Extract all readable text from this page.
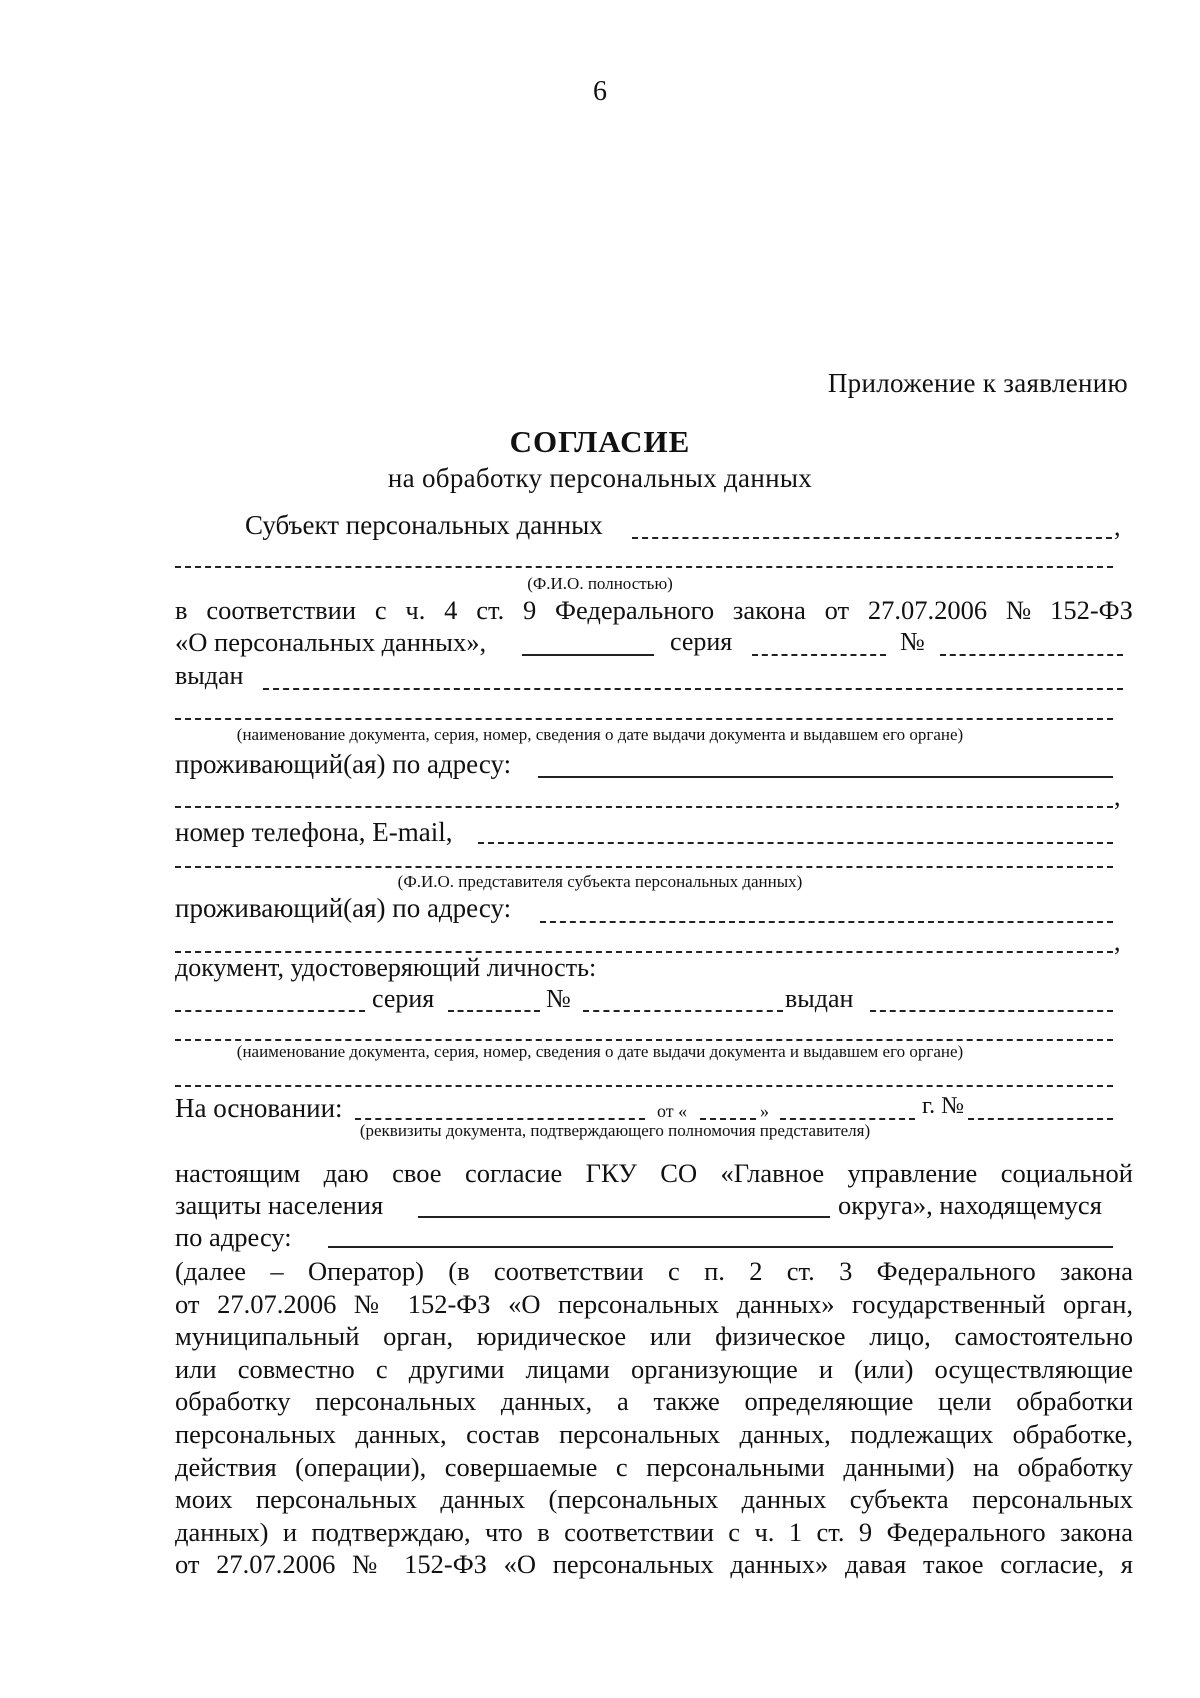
6
Приложение к заявлению
СОГЛАСИЕ
на обработку персональных данных
Субъект персональных данных	,
(Ф.И.О. полностью)
в соответствии с ч. 4 ст. 9 Федерального закона от 27.07.2006 № 152-ФЗ
«О персональных данных»,	серия	№
выдан
(наименование документа, серия, номер, сведения о дате выдачи документа и выдавшем его органе)
проживающий(ая) по адресу:
,
номер телефона, E-mail,
(Ф.И.О. представителя субъекта персональных данных)
проживающий(ая) по адресу:
,
документ, удостоверяющий личность:
серия	№	выдан
(наименование документа, серия, номер, сведения о дате выдачи документа и выдавшем его органе)
На основании:	от «	»	г. №
(реквизиты документа, подтверждающего полномочия представителя)
настоящим даю свое согласие ГКУ СО «Главное управление социальной
защиты населения	округа», находящемуся
по адресу:
(далее – Оператор) (в соответствии с п. 2 ст. 3 Федерального закона
от 27.07.2006 № 152-ФЗ «О персональных данных» государственный орган,
муниципальный орган, юридическое или физическое лицо, самостоятельно
или совместно с другими лицами организующие и (или) осуществляющие
обработку персональных данных, а также определяющие цели обработки
персональных данных, состав персональных данных, подлежащих обработке,
действия (операции), совершаемые с персональными данными) на обработку
моих персональных данных (персональных данных субъекта персональных
данных) и подтверждаю, что в соответствии с ч. 1 ст. 9 Федерального закона
от 27.07.2006 № 152-ФЗ «О персональных данных» давая такое согласие, я
